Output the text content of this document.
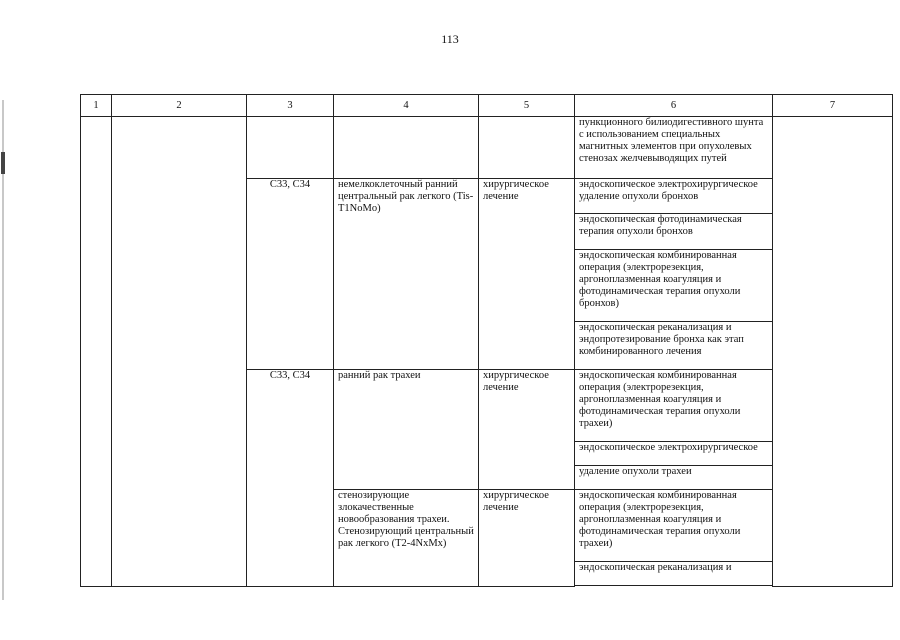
113
1	2	3	4	5	6	7
					пункционного билиодигестивного шунта с использованием специальных магнитных элементов при опухолевых стенозах желчевыводящих путей	
		C33, C34	немелкоклеточный ранний центральный рак легкого (Tis-T1NoMo)	хирургическое лечение	эндоскопическое электрохирургическое удаление опухоли бронхов	
					эндоскопическая фотодинамическая терапия опухоли бронхов	
					эндоскопическая комбинированная операция (электрорезекция, аргоноплазменная коагуляция и фотодинамическая терапия опухоли бронхов)	
					эндоскопическая реканализация и эндопротезирование бронха как этап комбинированного лечения	
		C33, C34	ранний рак трахеи	хирургическое лечение	эндоскопическая комбинированная операция (электрорезекция, аргоноплазменная коагуляция и фотодинамическая терапия опухоли трахеи)	
					эндоскопическое электрохирургическое	
					удаление опухоли трахеи	
			стенозирующие злокачественные новообразования трахеи. Стенозирующий центральный рак легкого (T2-4NxMx)	хирургическое лечение	эндоскопическая комбинированная операция (электрорезекция, аргоноплазменная коагуляция и фотодинамическая терапия опухоли трахеи)	
					эндоскопическая реканализация и	
